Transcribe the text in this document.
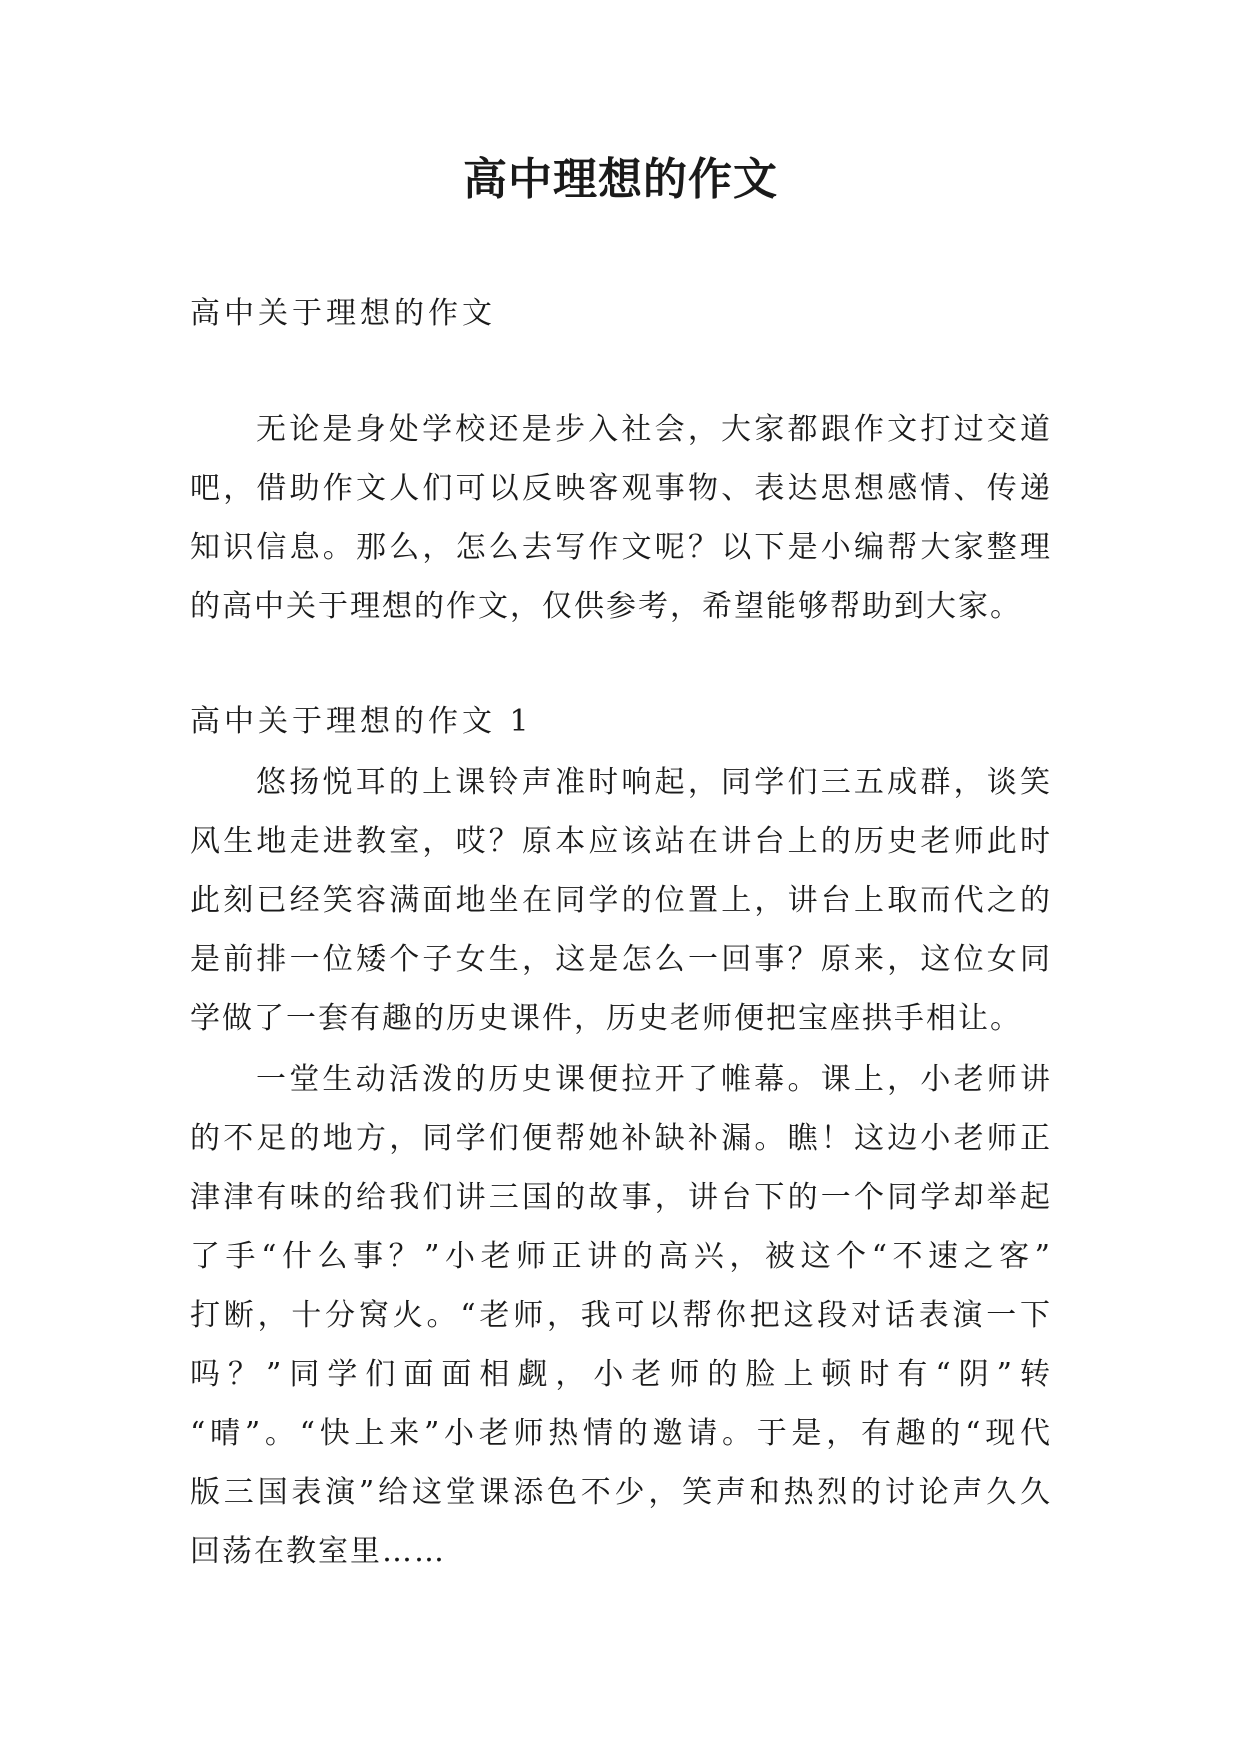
高中理想的作文
高中关于理想的作文
无论是身处学校还是步入社会，大家都跟作文打过交道
吧，借助作文人们可以反映客观事物、表达思想感情、传递
知识信息。那么，怎么去写作文呢？以下是小编帮大家整理
的高中关于理想的作文，仅供参考，希望能够帮助到大家。
高中关于理想的作文 1
悠扬悦耳的上课铃声准时响起，同学们三五成群，谈笑
风生地走进教室，哎？原本应该站在讲台上的历史老师此时
此刻已经笑容满面地坐在同学的位置上，讲台上取而代之的
是前排一位矮个子女生，这是怎么一回事？原来，这位女同
学做了一套有趣的历史课件，历史老师便把宝座拱手相让。
一堂生动活泼的历史课便拉开了帷幕。课上，小老师讲
的不足的地方，同学们便帮她补缺补漏。瞧！这边小老师正
津津有味的给我们讲三国的故事，讲台下的一个同学却举起
了手“什么事？”小老师正讲的高兴，被这个“不速之客”
打断，十分窝火。“老师，我可以帮你把这段对话表演一下
吗？”同学们面面相觑，小老师的脸上顿时有“阴”转
“晴”。“快上来”小老师热情的邀请。于是，有趣的“现代
版三国表演”给这堂课添色不少，笑声和热烈的讨论声久久
回荡在教室里……
